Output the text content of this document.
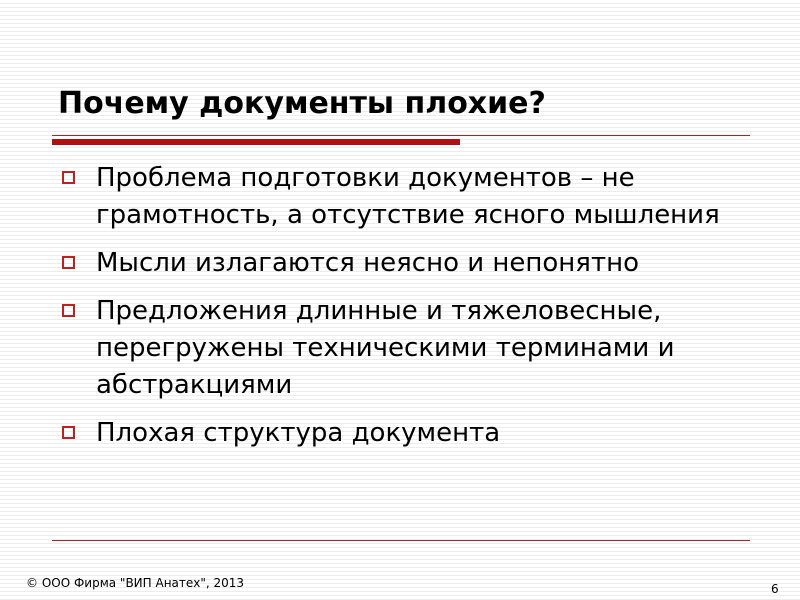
Почему документы плохие?
Проблема подготовки документов – не грамотность, а отсутствие ясного мышления
Мысли излагаются неясно и непонятно
Предложения длинные и тяжеловесные, перегружены техническими терминами и абстракциями
Плохая структура документа
© ООО Фирма "ВИП Анатех", 2013	6
